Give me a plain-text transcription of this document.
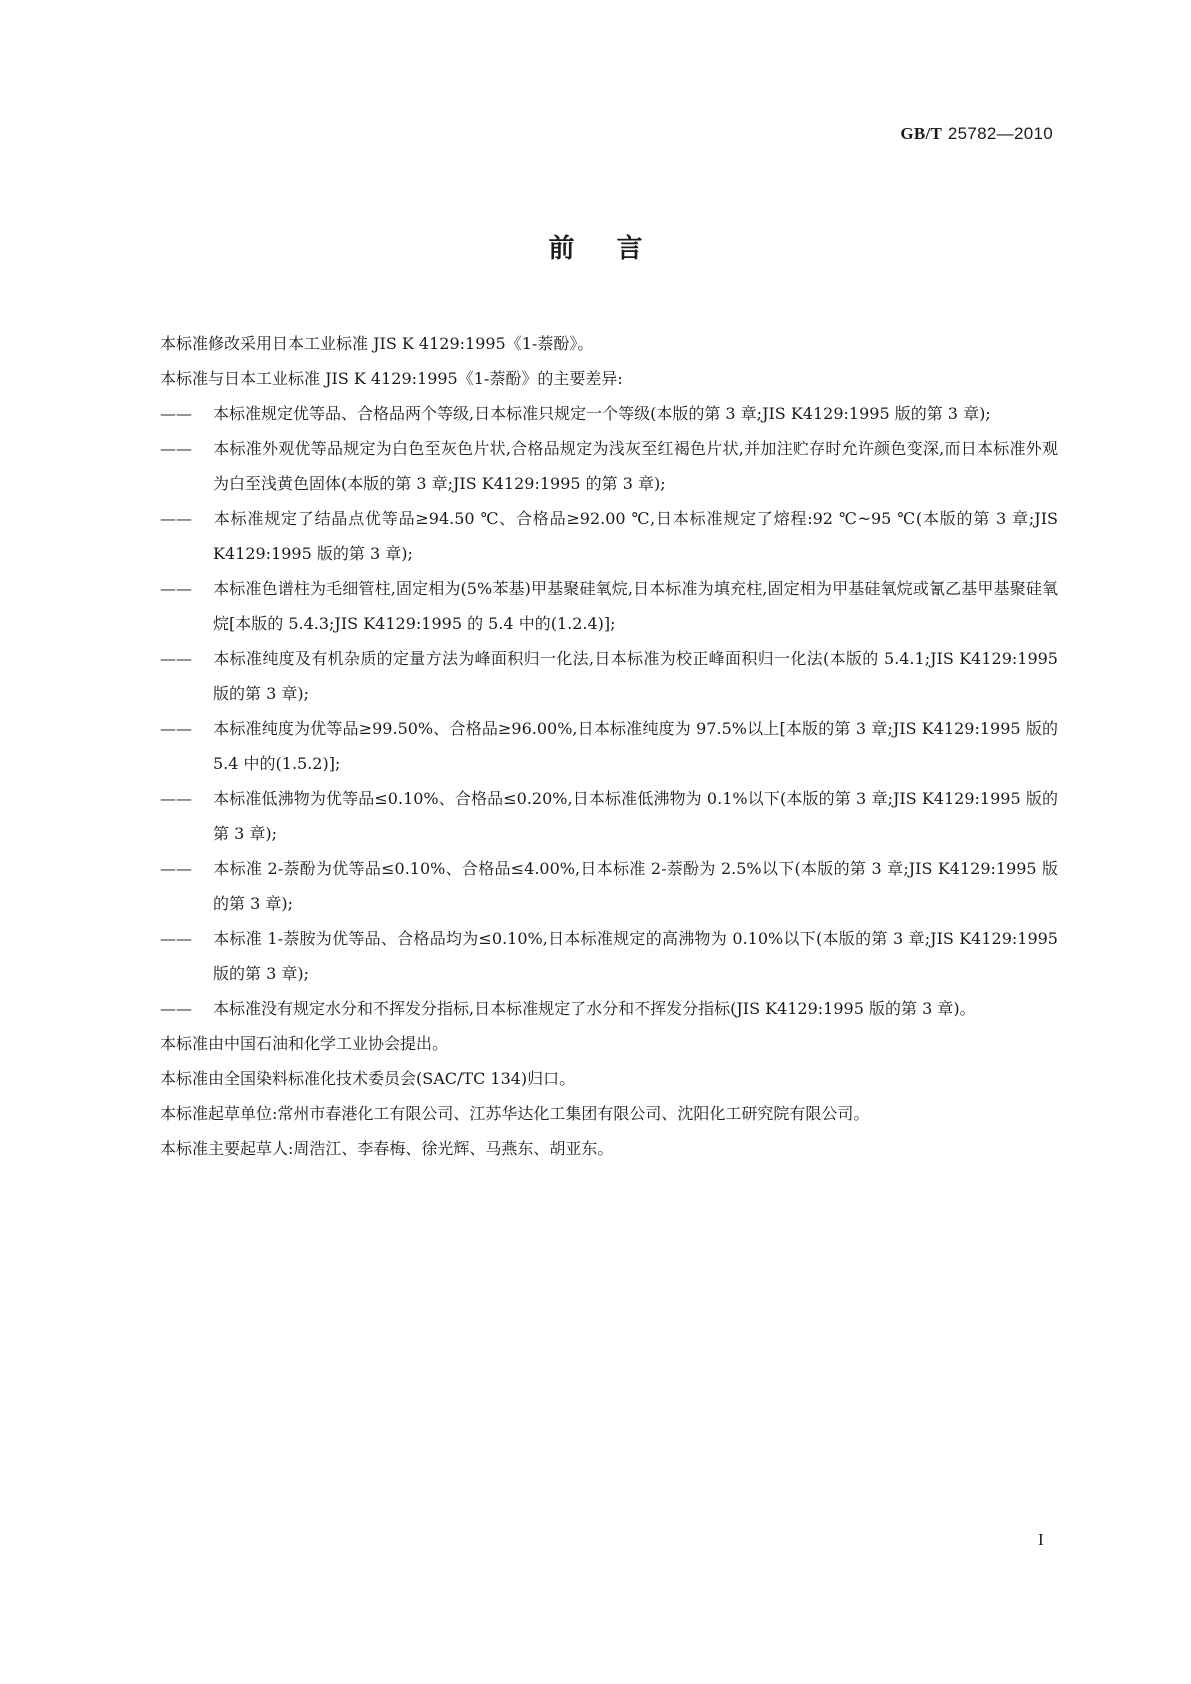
GB/T 25782—2010
前言

本标准修改采用日本工业标准 JIS K 4129:1995《1-萘酚》。

本标准与日本工业标准 JIS K 4129:1995《1-萘酚》的主要差异:

—— 本标准规定优等品、合格品两个等级,日本标准只规定一个等级(本版的第 3 章;JIS K4129:1995 版的第 3 章);

—— 本标准外观优等品规定为白色至灰色片状,合格品规定为浅灰至红褐色片状,并加注贮存时允许颜色变深,而日本标准外观为白至浅黄色固体(本版的第 3 章;JIS K4129:1995 的第 3 章);

—— 本标准规定了结晶点优等品≥94.50 ℃、合格品≥92.00 ℃,日本标准规定了熔程:92 ℃~95 ℃(本版的第 3 章;JIS K4129:1995 版的第 3 章);

—— 本标准色谱柱为毛细管柱,固定相为(5%苯基)甲基聚硅氧烷,日本标准为填充柱,固定相为甲基硅氧烷或氰乙基甲基聚硅氧烷[本版的 5.4.3;JIS K4129:1995 的 5.4 中的(1.2.4)];

—— 本标准纯度及有机杂质的定量方法为峰面积归一化法,日本标准为校正峰面积归一化法(本版的 5.4.1;JIS K4129:1995 版的第 3 章);

—— 本标准纯度为优等品≥99.50%、合格品≥96.00%,日本标准纯度为 97.5%以上[本版的第 3 章;JIS K4129:1995 版的 5.4 中的(1.5.2)];

—— 本标准低沸物为优等品≤0.10%、合格品≤0.20%,日本标准低沸物为 0.1%以下(本版的第 3 章;JIS K4129:1995 版的第 3 章);

—— 本标准 2-萘酚为优等品≤0.10%、合格品≤4.00%,日本标准 2-萘酚为 2.5%以下(本版的第 3 章;JIS K4129:1995 版的第 3 章);

—— 本标准 1-萘胺为优等品、合格品均为≤0.10%,日本标准规定的高沸物为 0.10%以下(本版的第 3 章;JIS K4129:1995 版的第 3 章);

—— 本标准没有规定水分和不挥发分指标,日本标准规定了水分和不挥发分指标(JIS K4129:1995 版的第 3 章)。

本标准由中国石油和化学工业协会提出。

本标准由全国染料标准化技术委员会(SAC/TC 134)归口。

本标准起草单位:常州市春港化工有限公司、江苏华达化工集团有限公司、沈阳化工研究院有限公司。

本标准主要起草人:周浩江、李春梅、徐光辉、马燕东、胡亚东。

I
